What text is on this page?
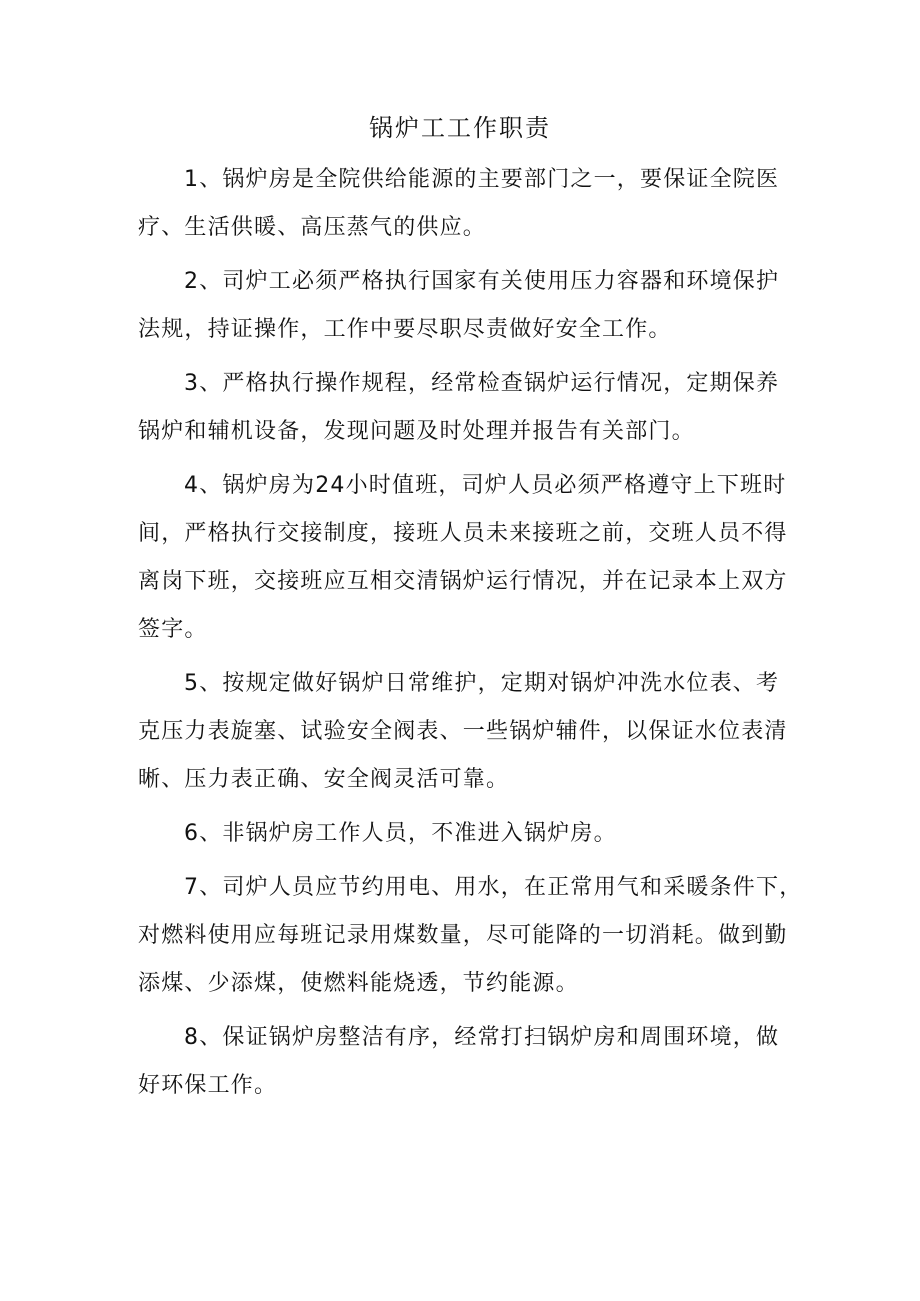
锅炉工工作职责
1、锅炉房是全院供给能源的主要部门之一，要保证全院医
疗、生活供暖、高压蒸气的供应。
2、司炉工必须严格执行国家有关使用压力容器和环境保护
法规，持证操作，工作中要尽职尽责做好安全工作。
3、严格执行操作规程，经常检查锅炉运行情况，定期保养
锅炉和辅机设备，发现问题及时处理并报告有关部门。
4、锅炉房为24小时值班，司炉人员必须严格遵守上下班时
间，严格执行交接制度，接班人员未来接班之前，交班人员不得
离岗下班，交接班应互相交清锅炉运行情况，并在记录本上双方
签字。
5、按规定做好锅炉日常维护，定期对锅炉冲洗水位表、考
克压力表旋塞、试验安全阀表、一些锅炉辅件，以保证水位表清
晰、压力表正确、安全阀灵活可靠。
6、非锅炉房工作人员，不准进入锅炉房。
7、司炉人员应节约用电、用水，在正常用气和采暖条件下，
对燃料使用应每班记录用煤数量，尽可能降的一切消耗。做到勤
添煤、少添煤，使燃料能烧透，节约能源。
8、保证锅炉房整洁有序，经常打扫锅炉房和周围环境，做
好环保工作。
